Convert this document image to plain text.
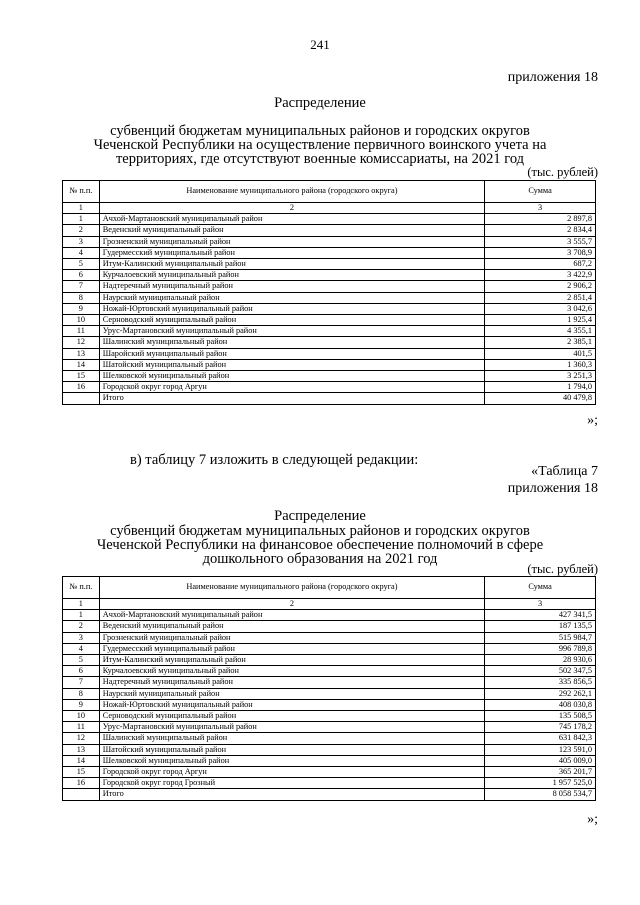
241
приложения 18
Распределение
субвенций бюджетам муниципальных районов и городских округов
Чеченской Республики на осуществление первичного воинского учета на
территориях, где отсутствуют военные комиссариаты, на 2021 год
(тыс. рублей)
№ п.п.	Наименование муниципального района (городского округа)	Сумма
1	2	3
1	Ачхой-Мартановский муниципальный район	2 897,8
2	Веденский муниципальный район	2 834,4
3	Грозненский муниципальный район	3 555,7
4	Гудермесский муниципальный район	3 708,9
5	Итум-Калинский муниципальный район	687,2
6	Курчалоевский муниципальный район	3 422,9
7	Надтеречный муниципальный район	2 906,2
8	Наурский муниципальный район	2 851,4
9	Ножай-Юртовский муниципальный район	3 042,6
10	Серноводский муниципальный район	1 925,4
11	Урус-Мартановский муниципальный район	4 355,1
12	Шалинский муниципальный район	2 385,1
13	Шаройский муниципальный район	401,5
14	Шатойский муниципальный район	1 360,3
15	Шелковской муниципальный район	3 251,3
16	Городской округ город Аргун	1 794,0
	Итого	40 479,8
»;
в) таблицу 7 изложить в следующей редакции:
«Таблица 7
приложения 18
Распределение
субвенций бюджетам муниципальных районов и городских округов
Чеченской Республики на финансовое обеспечение полномочий в сфере
дошкольного образования на 2021 год
(тыс. рублей)
№ п.п.	Наименование муниципального района (городского округа)	Сумма
1	2	3
1	Ачхой-Мартановский муниципальный район	427 341,5
2	Веденский муниципальный район	187 135,5
3	Грозненский муниципальный район	515 984,7
4	Гудермесский муниципальный район	996 789,8
5	Итум-Калинский муниципальный район	28 930,6
6	Курчалоевский муниципальный район	502 347,5
7	Надтеречный муниципальный район	335 856,5
8	Наурский муниципальный район	292 262,1
9	Ножай-Юртовский муниципальный район	408 030,8
10	Серноводский муниципальный район	135 508,5
11	Урус-Мартановский муниципальный район	745 178,2
12	Шалинский муниципальный район	631 842,3
13	Шатойский муниципальный район	123 591,0
14	Шелковской муниципальный район	405 009,0
15	Городской округ город Аргун	365 201,7
16	Городской округ город Грозный	1 957 525,0
	Итого	8 058 534,7
»;
